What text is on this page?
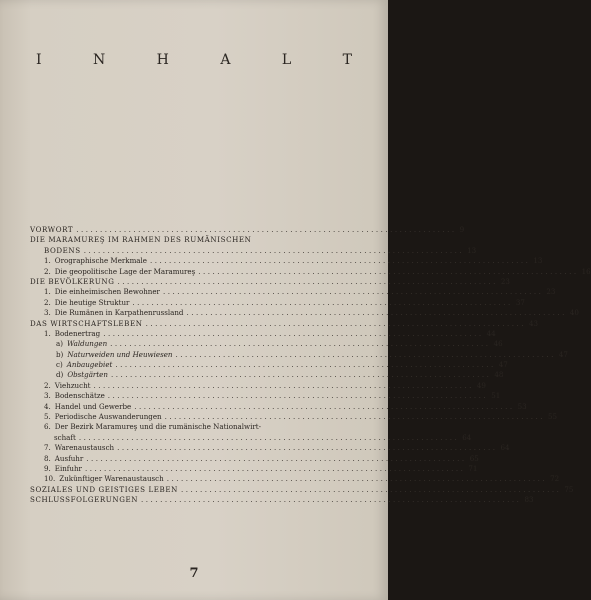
I	N	H	A	L	T
VORWORT ................................................................................ 9
DIE MARAMUREŞ IM RAHMEN DES RUMÄNISCHEN
BODENS ................................................................................ 13
1. Orographische Merkmale ................................................................................ 13
2. Die geopolitische Lage der Maramureş ................................................................................ 16
DIE BEVÖLKERUNG ................................................................................ 23
1. Die einheimischen Bewohner ................................................................................ 23
2. Die heutige Struktur ................................................................................ 37
3. Die Rumänen in Karpathenrussland ................................................................................ 40
DAS WIRTSCHAFTSLEBEN ................................................................................ 43
1. Bodenertrag ................................................................................ 44
a) Waldungen ................................................................................ 46
b) Naturweiden und Heuwiesen ................................................................................ 47
c) Anbaugebiet ................................................................................ 47
d) Obstgärten ................................................................................ 48
2. Viehzucht ................................................................................ 49
3. Bodenschätze ................................................................................ 51
4. Handel und Gewerbe ................................................................................ 53
5. Periodische Auswanderungen ................................................................................ 55
6. Der Bezirk Maramureş und die rumänische Nationalwirt-
schaft ................................................................................ 64
7. Warenaustausch ................................................................................ 64
8. Ausfuhr ................................................................................ 65
9. Einfuhr ................................................................................ 71
10. Zukünftiger Warenaustausch ................................................................................ 72
SOZIALES UND GEISTIGES LEBEN ................................................................................ 75
SCHLUSSFOLGERUNGEN ................................................................................ 83
7
